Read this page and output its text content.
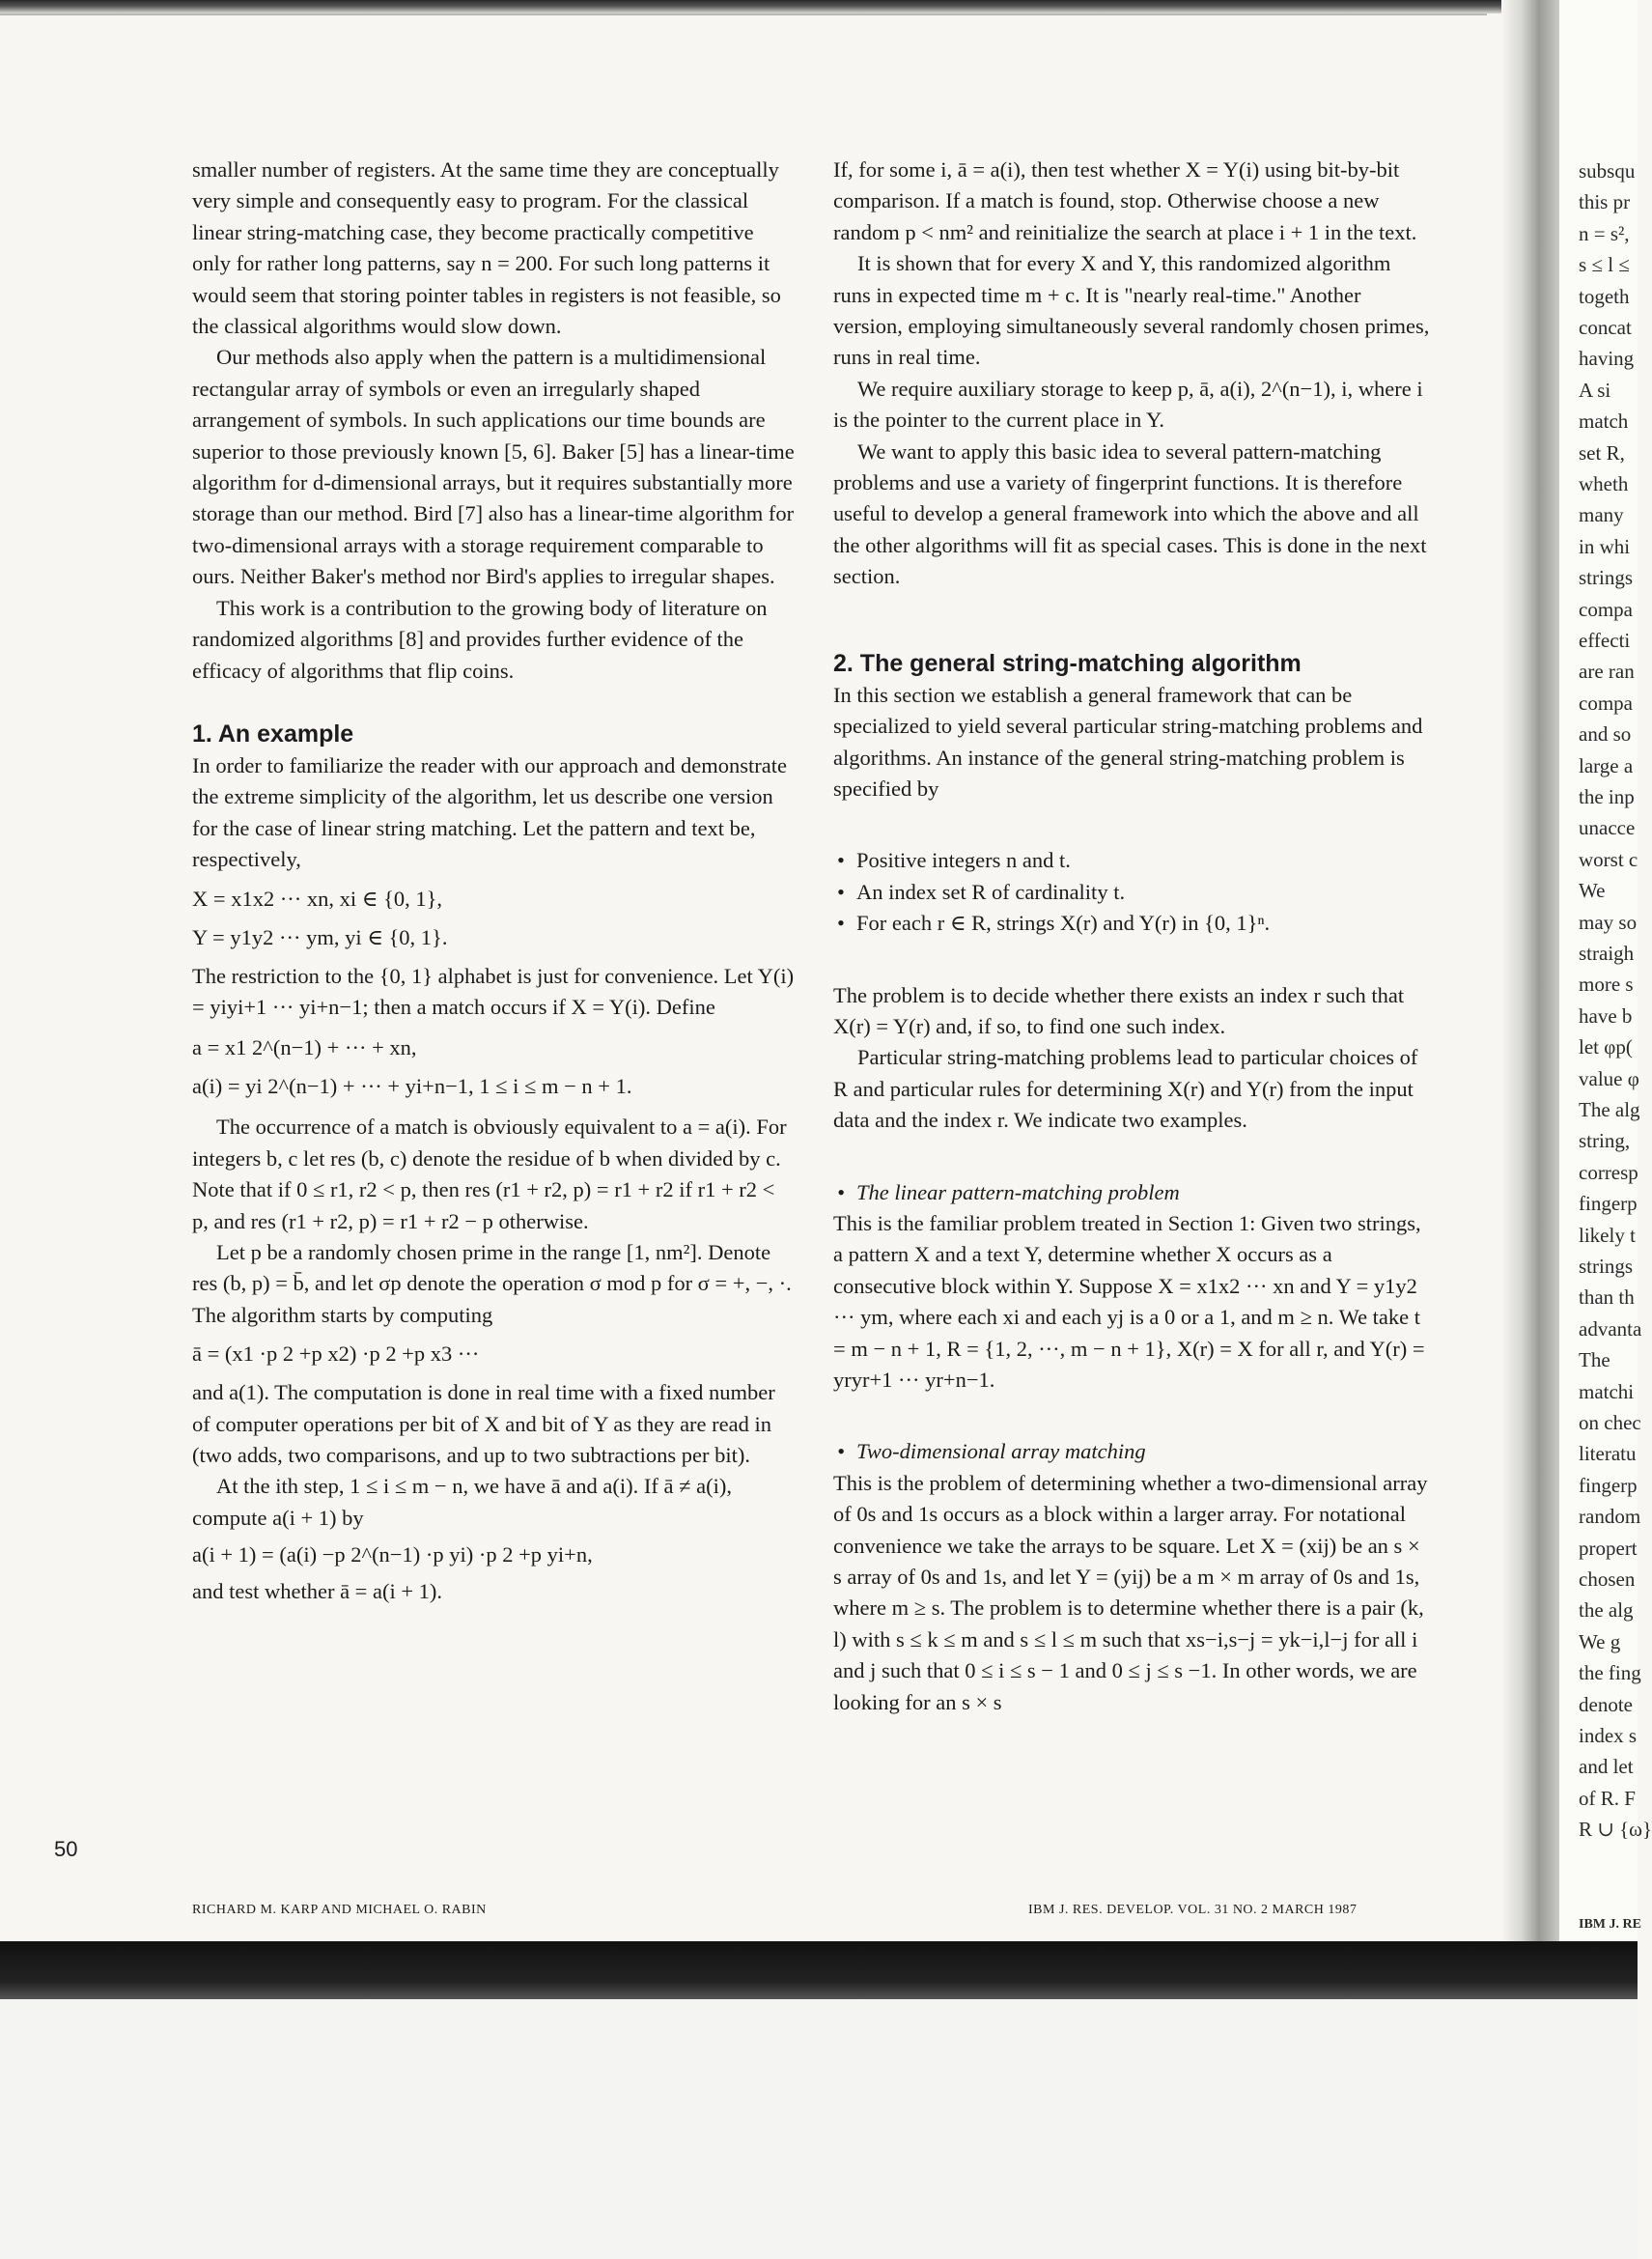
smaller number of registers. At the same time they are conceptually very simple and consequently easy to program. For the classical linear string-matching case, they become practically competitive only for rather long patterns, say n = 200. For such long patterns it would seem that storing pointer tables in registers is not feasible, so the classical algorithms would slow down.

Our methods also apply when the pattern is a multidimensional rectangular array of symbols or even an irregularly shaped arrangement of symbols. In such applications our time bounds are superior to those previously known [5, 6]. Baker [5] has a linear-time algorithm for d-dimensional arrays, but it requires substantially more storage than our method. Bird [7] also has a linear-time algorithm for two-dimensional arrays with a storage requirement comparable to ours. Neither Baker's method nor Bird's applies to irregular shapes.

This work is a contribution to the growing body of literature on randomized algorithms [8] and provides further evidence of the efficacy of algorithms that flip coins.

1. An example

In order to familiarize the reader with our approach and demonstrate the extreme simplicity of the algorithm, let us describe one version for the case of linear string matching. Let the pattern and text be, respectively,

X = x1x2 ··· xn, xi ∈ {0, 1},

Y = y1y2 ··· ym, yi ∈ {0, 1}.

The restriction to the {0, 1} alphabet is just for convenience. Let Y(i) = yiyi+1 ··· yi+n−1; then a match occurs if X = Y(i). Define

a = x1 2^(n−1) + ··· + xn,

a(i) = yi 2^(n−1) + ··· + yi+n−1, 1 ≤ i ≤ m − n + 1.

The occurrence of a match is obviously equivalent to a = a(i). For integers b, c let res (b, c) denote the residue of b when divided by c. Note that if 0 ≤ r1, r2 < p, then res (r1 + r2, p) = r1 + r2 if r1 + r2 < p, and res (r1 + r2, p) = r1 + r2 − p otherwise.

Let p be a randomly chosen prime in the range [1, nm²]. Denote res (b, p) = b̄, and let σp denote the operation σ mod p for σ = +, −, ·. The algorithm starts by computing

ā = (x1 ·p 2 +p x2) ·p 2 +p x3 ···

and a(1). The computation is done in real time with a fixed number of computer operations per bit of X and bit of Y as they are read in (two adds, two comparisons, and up to two subtractions per bit).

At the ith step, 1 ≤ i ≤ m − n, we have ā and a(i). If ā ≠ a(i), compute a(i + 1) by

a(i + 1) = (a(i) −p 2^(n−1) ·p yi) ·p 2 +p yi+n,

and test whether ā = a(i + 1).

If, for some i, ā = a(i), then test whether X = Y(i) using bit-by-bit comparison. If a match is found, stop. Otherwise choose a new random p < nm² and reinitialize the search at place i + 1 in the text.

It is shown that for every X and Y, this randomized algorithm runs in expected time m + c. It is "nearly real-time." Another version, employing simultaneously several randomly chosen primes, runs in real time.

We require auxiliary storage to keep p, ā, a(i), 2^(n−1), i, where i is the pointer to the current place in Y.

We want to apply this basic idea to several pattern-matching problems and use a variety of fingerprint functions. It is therefore useful to develop a general framework into which the above and all the other algorithms will fit as special cases. This is done in the next section.

2. The general string-matching algorithm

In this section we establish a general framework that can be specialized to yield several particular string-matching problems and algorithms. An instance of the general string-matching problem is specified by

• Positive integers n and t.
• An index set R of cardinality t.
• For each r ∈ R, strings X(r) and Y(r) in {0, 1}ⁿ.

The problem is to decide whether there exists an index r such that X(r) = Y(r) and, if so, to find one such index.

Particular string-matching problems lead to particular choices of R and particular rules for determining X(r) and Y(r) from the input data and the index r. We indicate two examples.

• The linear pattern-matching problem

This is the familiar problem treated in Section 1: Given two strings, a pattern X and a text Y, determine whether X occurs as a consecutive block within Y. Suppose X = x1x2 ··· xn and Y = y1y2 ··· ym, where each xi and each yj is a 0 or a 1, and m ≥ n. We take t = m − n + 1, R = {1, 2, ···, m − n + 1}, X(r) = X for all r, and Y(r) = yryr+1 ··· yr+n−1.

• Two-dimensional array matching

This is the problem of determining whether a two-dimensional array of 0s and 1s occurs as a block within a larger array. For notational convenience we take the arrays to be square. Let X = (xij) be an s × s array of 0s and 1s, and let Y = (yij) be a m × m array of 0s and 1s, where m ≥ s. The problem is to determine whether there is a pair (k, l) with s ≤ k ≤ m and s ≤ l ≤ m such that xs−i,s−j = yk−i,l−j for all i and j such that 0 ≤ i ≤ s − 1 and 0 ≤ j ≤ s −1. In other words, we are looking for an s × s

50
RICHARD M. KARP AND MICHAEL O. RABIN	IBM J. RES. DEVELOP. VOL. 31 NO. 2 MARCH 1987
subsqu
this pr
n = s²,
s ≤ l ≤
togeth
concat
having
A si
match
set R,
wheth
many
in whi
strings
compa
effecti
are ran
compa
and so
large a
the inp
unacce
worst c
We
may so
straigh
more s
have b
let φp(
value φ
The alg
string,
corresp
fingerp
likely t
strings
than th
advanta
The
matchi
on chec
literatu
fingerp
random
propert
chosen
the alg
We g
the fing
denote
index s
and let
of R. F
R ∪ {ω}
IBM J. RE
